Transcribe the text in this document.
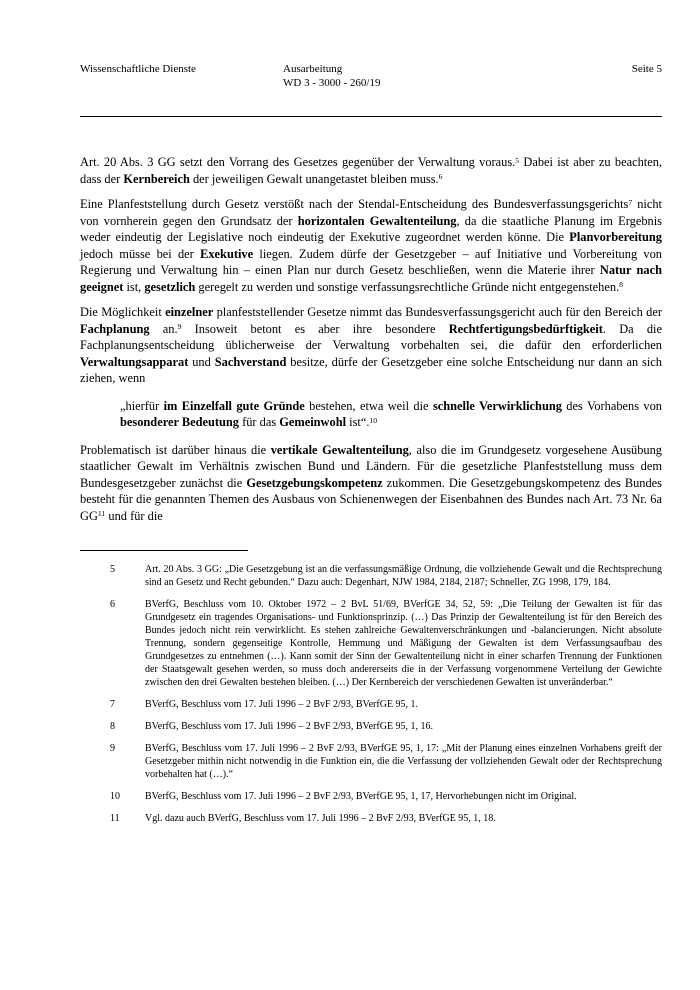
Wissenschaftliche Dienste	Ausarbeitung
WD 3 - 3000 - 260/19
Seite 5

Art. 20 Abs. 3 GG setzt den Vorrang des Gesetzes gegenüber der Verwaltung voraus.$^5$ Dabei ist aber zu beachten, dass der Kernbereich der jeweiligen Gewalt unangetastet bleiben muss.$^6$

Eine Planfeststellung durch Gesetz verstößt nach der Stendal-Entscheidung des Bundesverfassungsgerichts$^7$ nicht von vornherein gegen den Grundsatz der horizontalen Gewaltenteilung, da die staatliche Planung im Ergebnis weder eindeutig der Legislative noch eindeutig der Exekutive zugeordnet werden könne. Die Planvorbereitung jedoch müsse bei der Exekutive liegen. Zudem dürfe der Gesetzgeber – auf Initiative und Vorbereitung von Regierung und Verwaltung hin – einen Plan nur durch Gesetz beschließen, wenn die Materie ihrer Natur nach geeignet ist, gesetzlich geregelt zu werden und sonstige verfassungsrechtliche Gründe nicht entgegenstehen.$^8$

Die Möglichkeit einzelner planfeststellender Gesetze nimmt das Bundesverfassungsgericht auch für den Bereich der Fachplanung an.$^9$ Insoweit betont es aber ihre besondere Rechtfertigungsbedürftigkeit. Da die Fachplanungsentscheidung üblicherweise der Verwaltung vorbehalten sei, die dafür den erforderlichen Verwaltungsapparat und Sachverstand besitze, dürfe der Gesetzgeber eine solche Entscheidung nur dann an sich ziehen, wenn

„hierfür im Einzelfall gute Gründe bestehen, etwa weil die schnelle Verwirklichung des Vorhabens von besonderer Bedeutung für das Gemeinwohl ist“.$^{10}$

Problematisch ist darüber hinaus die vertikale Gewaltenteilung, also die im Grundgesetz vorgesehene Ausübung staatlicher Gewalt im Verhältnis zwischen Bund und Ländern. Für die gesetzliche Planfeststellung muss dem Bundesgesetzgeber zunächst die Gesetzgebungskompetenz zukommen. Die Gesetzgebungskompetenz des Bundes besteht für die genannten Themen des Ausbaus von Schienenwegen der Eisenbahnen des Bundes nach Art. 73 Nr. 6a GG$^{11}$ und für die

5	Art. 20 Abs. 3 GG: „Die Gesetzgebung ist an die verfassungsmäßige Ordnung, die vollziehende Gewalt und die Rechtsprechung sind an Gesetz und Recht gebunden.“ Dazu auch: Degenhart, NJW 1984, 2184, 2187; Schneller, ZG 1998, 179, 184.
6	BVerfG, Beschluss vom 10. Oktober 1972 – 2 BvL 51/69, BVerfGE 34, 52, 59: „Die Teilung der Gewalten ist für das Grundgesetz ein tragendes Organisations- und Funktionsprinzip. (…) Das Prinzip der Gewaltenteilung ist für den Bereich des Bundes jedoch nicht rein verwirklicht. Es stehen zahlreiche Gewaltenverschränkungen und -balancierungen. Nicht absolute Trennung, sondern gegenseitige Kontrolle, Hemmung und Mäßigung der Gewalten ist dem Verfassungsaufbau des Grundgesetzes zu entnehmen (…). Kann somit der Sinn der Gewaltenteilung nicht in einer scharfen Trennung der Funktionen der Staatsgewalt gesehen werden, so muss doch andererseits die in der Verfassung vorgenommene Verteilung der Gewichte zwischen den drei Gewalten bestehen bleiben. (…) Der Kernbereich der verschiedenen Gewalten ist unveränderbar.“
7	BVerfG, Beschluss vom 17. Juli 1996 – 2 BvF 2/93, BVerfGE 95, 1.
8	BVerfG, Beschluss vom 17. Juli 1996 – 2 BvF 2/93, BVerfGE 95, 1, 16.
9	BVerfG, Beschluss vom 17. Juli 1996 – 2 BvF 2/93, BVerfGE 95, 1, 17: „Mit der Planung eines einzelnen Vorhabens greift der Gesetzgeber mithin nicht notwendig in die Funktion ein, die die Verfassung der vollziehenden Gewalt oder der Rechtsprechung vorbehalten hat (…).“
10	BVerfG, Beschluss vom 17. Juli 1996 – 2 BvF 2/93, BVerfGE 95, 1, 17, Hervorhebungen nicht im Original.
11	Vgl. dazu auch BVerfG, Beschluss vom 17. Juli 1996 – 2 BvF 2/93, BVerfGE 95, 1, 18.
